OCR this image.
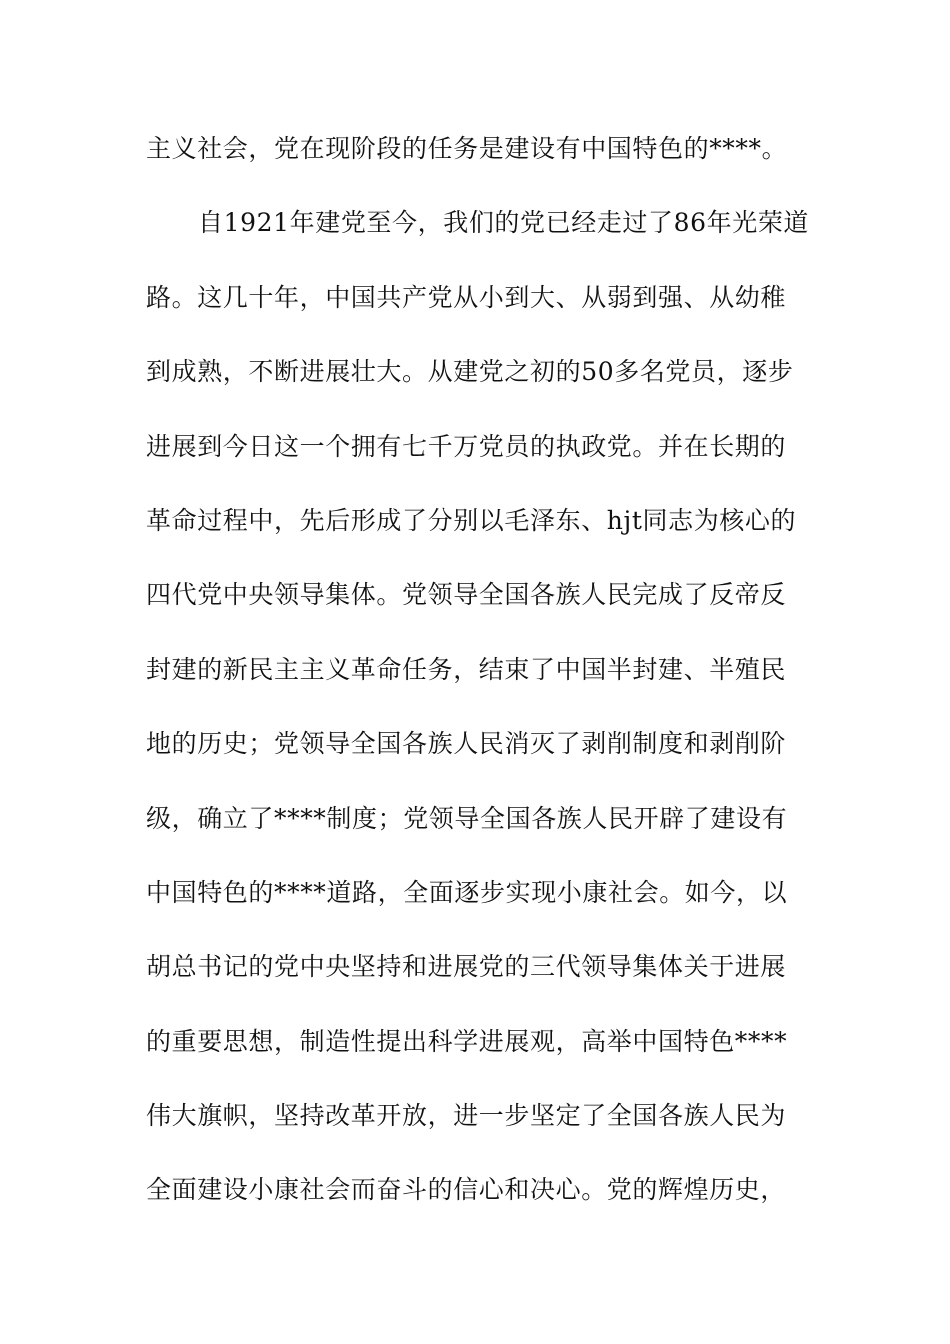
主义社会，党在现阶段的任务是建设有中国特色的****。
自1921年建党至今，我们的党已经走过了86年光荣道
路。这几十年，中国共产党从小到大、从弱到强、从幼稚
到成熟，不断进展壮大。从建党之初的50多名党员，逐步
进展到今日这一个拥有七千万党员的执政党。并在长期的
革命过程中，先后形成了分别以毛泽东、hjt同志为核心的
四代党中央领导集体。党领导全国各族人民完成了反帝反
封建的新民主主义革命任务，结束了中国半封建、半殖民
地的历史；党领导全国各族人民消灭了剥削制度和剥削阶
级，确立了****制度；党领导全国各族人民开辟了建设有
中国特色的****道路，全面逐步实现小康社会。如今，以
胡总书记的党中央坚持和进展党的三代领导集体关于进展
的重要思想，制造性提出科学进展观，高举中国特色****
伟大旗帜，坚持改革开放，进一步坚定了全国各族人民为
全面建设小康社会而奋斗的信心和决心。党的辉煌历史，
